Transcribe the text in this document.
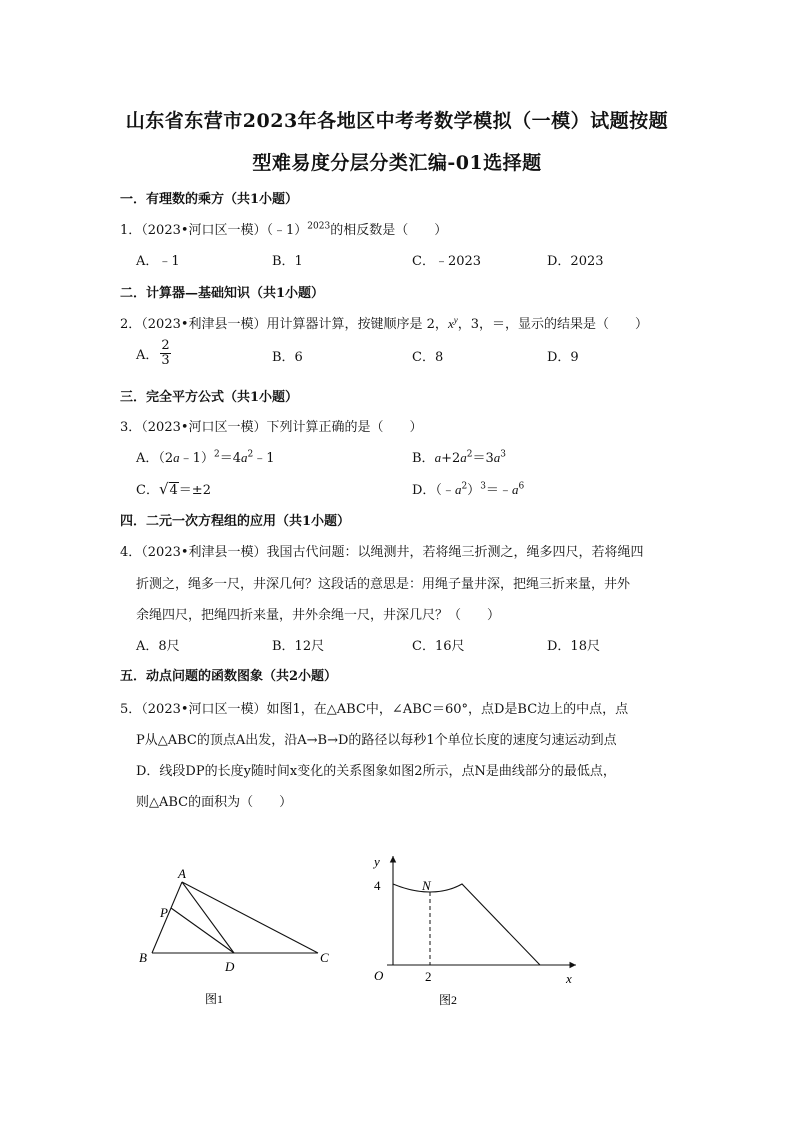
山东省东营市2023年各地区中考考数学模拟（一模）试题按题
型难易度分层分类汇编-01选择题
一．有理数的乘方（共1小题）
1．（2023•河口区一模）（﹣1）$^{2023}$的相反数是（　　）
A．﹣1	B．1	C．﹣2023	D．2023
二．计算器—基础知识（共1小题）
2．（2023•利津县一模）用计算器计算，按键顺序是 2，$x^y$，3，＝，显示的结果是（　　）
A． $\frac{2}{3}$	B．6	C．8	D．9
三．完全平方公式（共1小题）
3．（2023•河口区一模）下列计算正确的是（　　）
A．$(2a﹣1)^2=4a^2﹣1$	B．$a+2a^2=3a^3$
C．√4＝±2	D．$(﹣a^2)^3=﹣a^6$
四．二元一次方程组的应用（共1小题）
4．（2023•利津县一模）我国古代问题：以绳测井，若将绳三折测之，绳多四尺，若将绳四
折测之，绳多一尺，井深几何？这段话的意思是：用绳子量井深，把绳三折来量，井外
余绳四尺，把绳四折来量，井外余绳一尺，井深几尺？（　　）
A．8尺	B．12尺	C．16尺	D．18尺
五．动点问题的函数图象（共2小题）
5．（2023•河口区一模）如图1，在△ABC中，∠ABC＝60°，点D是BC边上的中点，点
P从△ABC的顶点A出发，沿A→B→D的路径以每秒1个单位长度的速度匀速运动到点
D．线段DP的长度y随时间x变化的关系图象如图2所示，点N是曲线部分的最低点，
则△ABC的面积为（　　）
A
P
B
D
C
图1
y
x
O
4
2
N
图2
